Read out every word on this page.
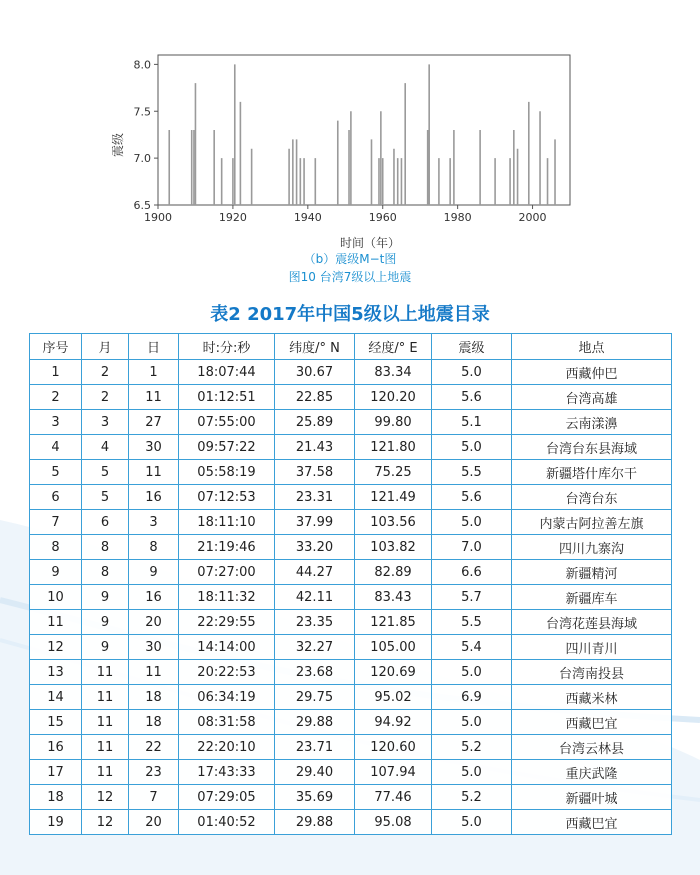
1900	1920	1940	1960	1980	2000
6.5
7.0
7.5
8.0
震级
时间（年）
（b）震级M−t图
图10 台湾7级以上地震
表2 2017年中国5级以上地震目录
序号	月	日	时:分:秒	纬度/° N	经度/° E	震级	地点
1	2	1	18:07:44	30.67	83.34	5.0	西藏仲巴
2	2	11	01:12:51	22.85	120.20	5.6	台湾高雄
3	3	27	07:55:00	25.89	99.80	5.1	云南漾濞
4	4	30	09:57:22	21.43	121.80	5.0	台湾台东县海域
5	5	11	05:58:19	37.58	75.25	5.5	新疆塔什库尔干
6	5	16	07:12:53	23.31	121.49	5.6	台湾台东
7	6	3	18:11:10	37.99	103.56	5.0	内蒙古阿拉善左旗
8	8	8	21:19:46	33.20	103.82	7.0	四川九寨沟
9	8	9	07:27:00	44.27	82.89	6.6	新疆精河
10	9	16	18:11:32	42.11	83.43	5.7	新疆库车
11	9	20	22:29:55	23.35	121.85	5.5	台湾花莲县海域
12	9	30	14:14:00	32.27	105.00	5.4	四川青川
13	11	11	20:22:53	23.68	120.69	5.0	台湾南投县
14	11	18	06:34:19	29.75	95.02	6.9	西藏米林
15	11	18	08:31:58	29.88	94.92	5.0	西藏巴宜
16	11	22	22:20:10	23.71	120.60	5.2	台湾云林县
17	11	23	17:43:33	29.40	107.94	5.0	重庆武隆
18	12	7	07:29:05	35.69	77.46	5.2	新疆叶城
19	12	20	01:40:52	29.88	95.08	5.0	西藏巴宜
